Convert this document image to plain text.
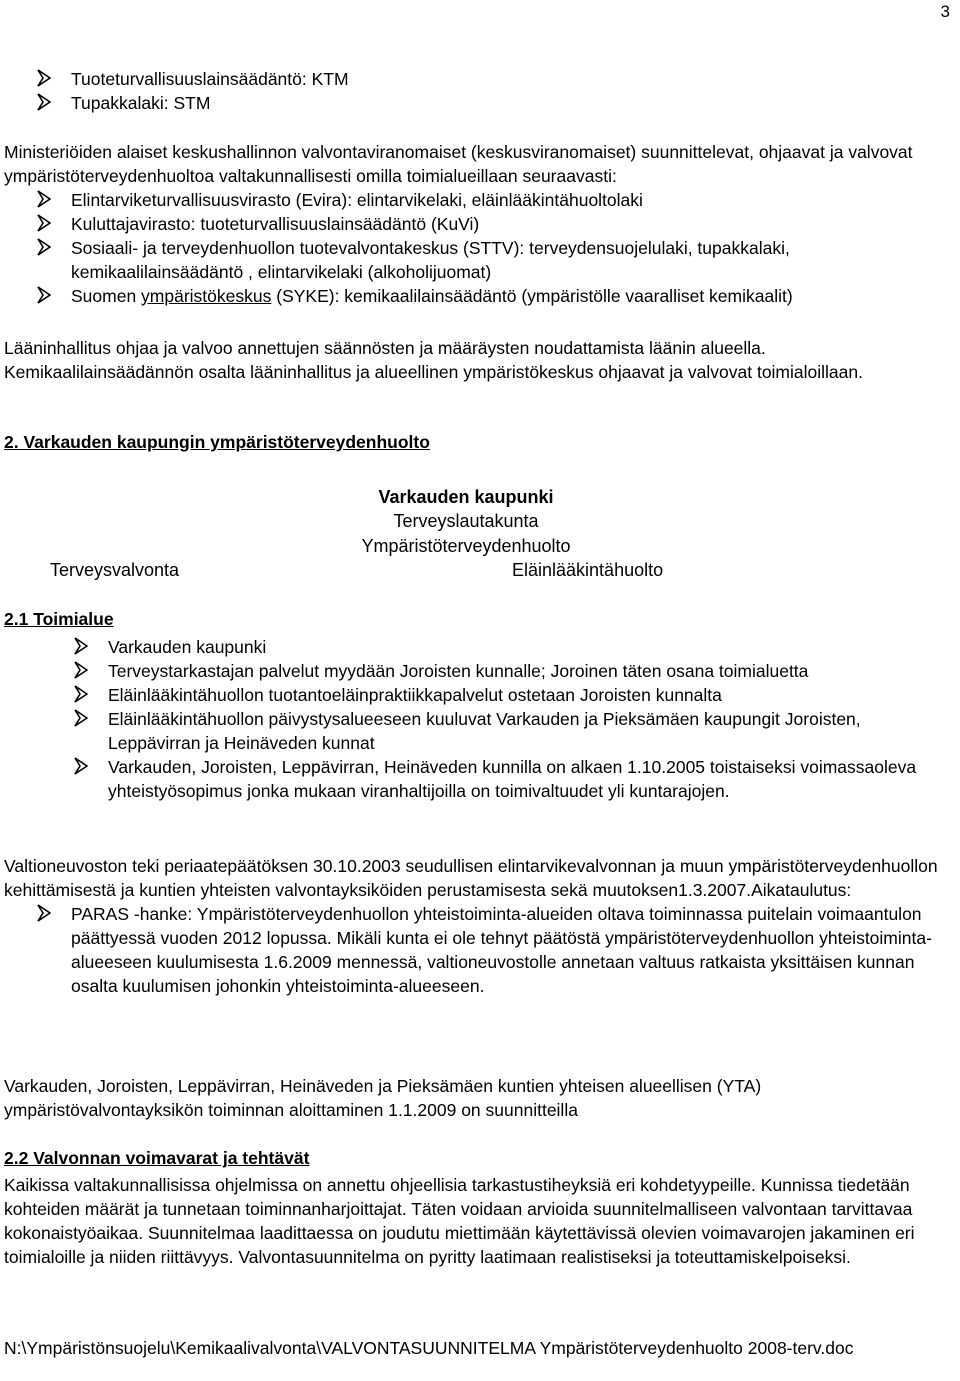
3
Tuoteturvallisuuslainsäädäntö: KTM
Tupakkalaki: STM

Ministeriöiden alaiset keskushallinnon valvontaviranomaiset (keskusviranomaiset) suunnittelevat, ohjaavat ja valvovat ympäristöterveydenhuoltoa valtakunnallisesti omilla toimialueillaan seuraavasti:

Elintarviketurvallisuusvirasto (Evira): elintarvikelaki, eläinlääkintähuoltolaki
Kuluttajavirasto: tuoteturvallisuuslainsäädäntö (KuVi)
Sosiaali- ja terveydenhuollon tuotevalvontakeskus (STTV): terveydensuojelulaki, tupakkalaki, kemikaalilainsäädäntö , elintarvikelaki (alkoholijuomat)
Suomen ympäristökeskus (SYKE): kemikaalilainsäädäntö (ympäristölle vaaralliset kemikaalit)

Lääninhallitus ohjaa ja valvoo annettujen säännösten ja määräysten noudattamista läänin alueella. Kemikaalilainsäädännön osalta lääninhallitus ja alueellinen ympäristökeskus ohjaavat ja valvovat toimialoillaan.

2. Varkauden kaupungin ympäristöterveydenhuolto

Varkauden kaupunki
Terveyslautakunta
Ympäristöterveydenhuolto
Terveysvalvonta	Eläinlääkintähuolto

2.1 Toimialue

Varkauden kaupunki
Terveystarkastajan palvelut myydään Joroisten kunnalle; Joroinen täten osana toimialuetta
Eläinlääkintähuollon tuotantoeläinpraktiikkapalvelut ostetaan Joroisten kunnalta
Eläinlääkintähuollon päivystysalueeseen kuuluvat Varkauden ja Pieksämäen kaupungit Joroisten, Leppävirran ja Heinäveden kunnat
Varkauden, Joroisten, Leppävirran, Heinäveden kunnilla on alkaen 1.10.2005 toistaiseksi voimassaoleva yhteistyösopimus jonka mukaan viranhaltijoilla on toimivaltuudet yli kuntarajojen.

Valtioneuvoston teki periaatepäätöksen 30.10.2003 seudullisen elintarvikevalvonnan ja muun ympäristöterveydenhuollon kehittämisestä ja kuntien yhteisten valvontayksiköiden perustamisesta sekä muutoksen1.3.2007.Aikataulutus:

PARAS -hanke: Ympäristöterveydenhuollon yhteistoiminta-alueiden oltava toiminnassa puitelain voimaantulon päättyessä vuoden 2012 lopussa. Mikäli kunta ei ole tehnyt päätöstä ympäristöterveydenhuollon yhteistoiminta-alueeseen kuulumisesta 1.6.2009 mennessä, valtioneuvostolle annetaan valtuus ratkaista yksittäisen kunnan osalta kuulumisen johonkin yhteistoiminta-alueeseen.

Varkauden, Joroisten, Leppävirran, Heinäveden ja Pieksämäen kuntien yhteisen alueellisen (YTA) ympäristövalvontayksikön toiminnan aloittaminen 1.1.2009 on suunnitteilla

2.2 Valvonnan voimavarat ja tehtävät

Kaikissa valtakunnallisissa ohjelmissa on annettu ohjeellisia tarkastustiheyksiä eri kohdetyypeille. Kunnissa tiedetään kohteiden määrät ja tunnetaan toiminnanharjoittajat. Täten voidaan arvioida suunnitelmalliseen valvontaan tarvittavaa kokonaistyöaikaa. Suunnitelmaa laadittaessa on joudutu miettimään käytettävissä olevien voimavarojen jakaminen eri toimialoille ja niiden riittävyys. Valvontasuunnitelma on pyritty laatimaan realistiseksi ja toteuttamiskelpoiseksi.

N:\Ympäristönsuojelu\Kemikaalivalvonta\VALVONTASUUNNITELMA Ympäristöterveydenhuolto 2008-terv.doc
